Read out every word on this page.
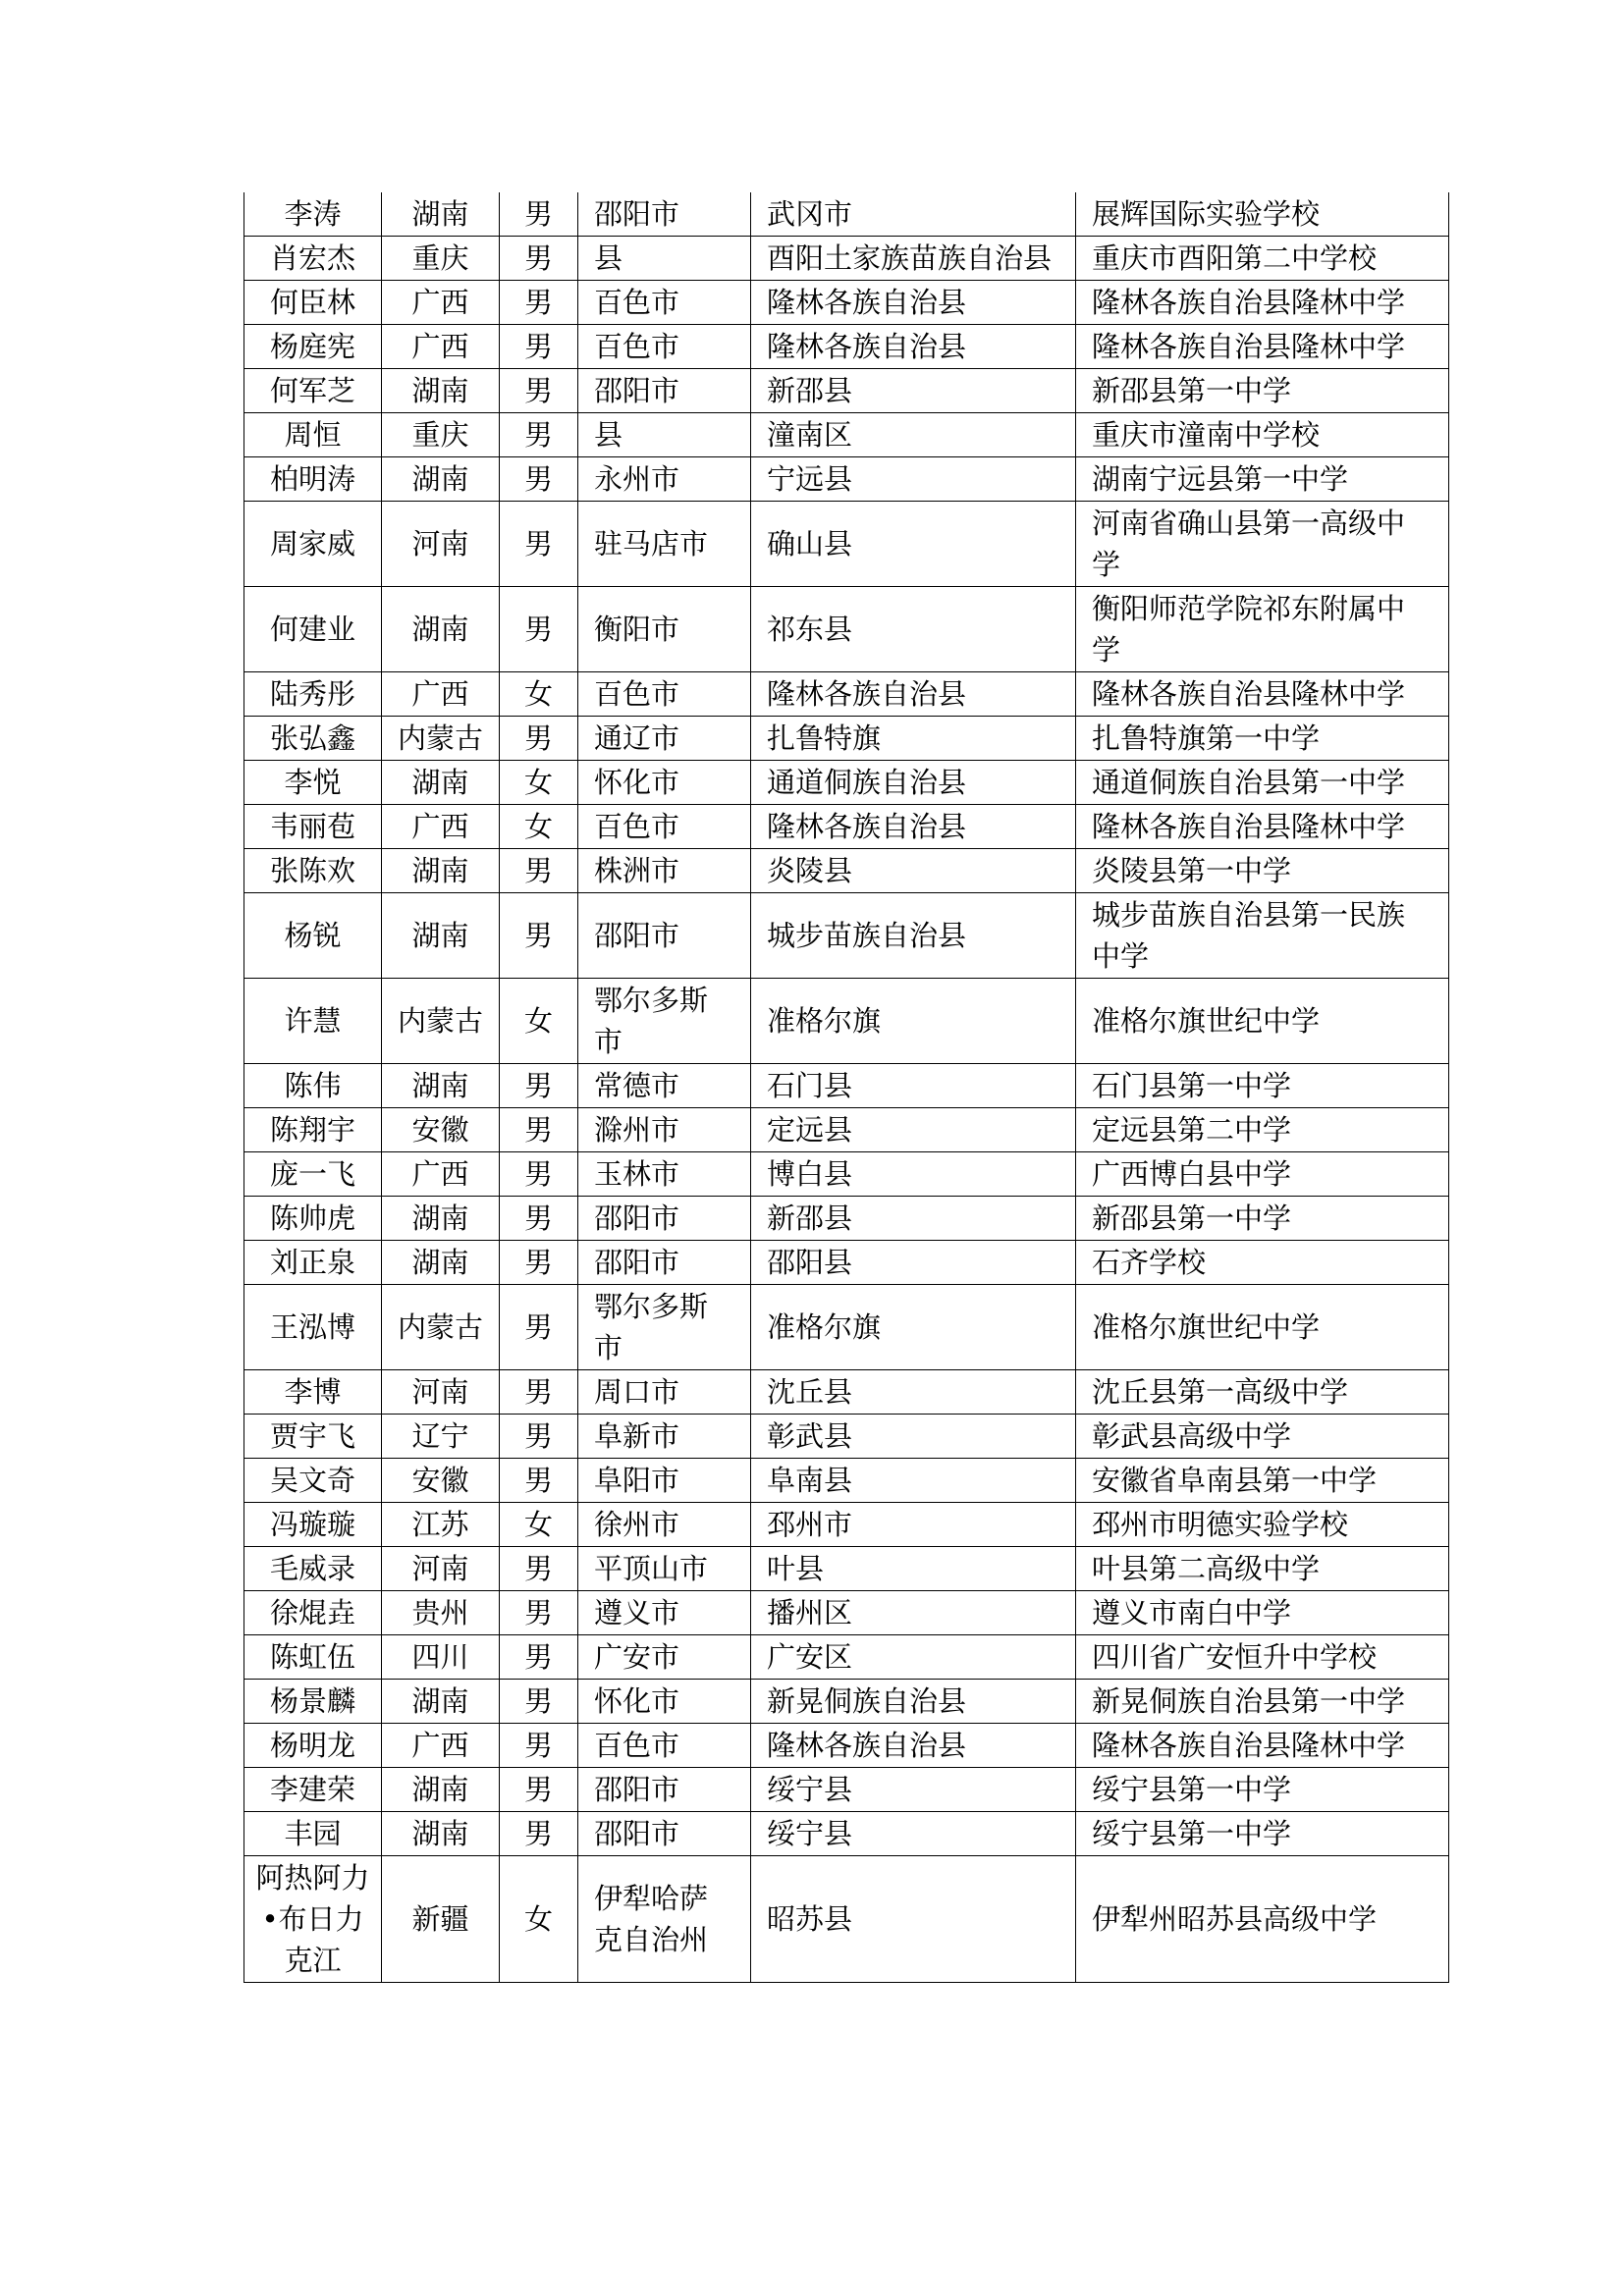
李涛	湖南	男	邵阳市	武冈市	展辉国际实验学校
肖宏杰	重庆	男	县	酉阳土家族苗族自治县	重庆市酉阳第二中学校
何臣林	广西	男	百色市	隆林各族自治县	隆林各族自治县隆林中学
杨庭宪	广西	男	百色市	隆林各族自治县	隆林各族自治县隆林中学
何军芝	湖南	男	邵阳市	新邵县	新邵县第一中学
周恒	重庆	男	县	潼南区	重庆市潼南中学校
柏明涛	湖南	男	永州市	宁远县	湖南宁远县第一中学
周家威	河南	男	驻马店市	确山县	河南省确山县第一高级中学
何建业	湖南	男	衡阳市	祁东县	衡阳师范学院祁东附属中学
陆秀彤	广西	女	百色市	隆林各族自治县	隆林各族自治县隆林中学
张弘鑫	内蒙古	男	通辽市	扎鲁特旗	扎鲁特旗第一中学
李悦	湖南	女	怀化市	通道侗族自治县	通道侗族自治县第一中学
韦丽苞	广西	女	百色市	隆林各族自治县	隆林各族自治县隆林中学
张陈欢	湖南	男	株洲市	炎陵县	炎陵县第一中学
杨锐	湖南	男	邵阳市	城步苗族自治县	城步苗族自治县第一民族中学
许慧	内蒙古	女	鄂尔多斯市	准格尔旗	准格尔旗世纪中学
陈伟	湖南	男	常德市	石门县	石门县第一中学
陈翔宇	安徽	男	滁州市	定远县	定远县第二中学
庞一飞	广西	男	玉林市	博白县	广西博白县中学
陈帅虎	湖南	男	邵阳市	新邵县	新邵县第一中学
刘正泉	湖南	男	邵阳市	邵阳县	石齐学校
王泓博	内蒙古	男	鄂尔多斯市	准格尔旗	准格尔旗世纪中学
李博	河南	男	周口市	沈丘县	沈丘县第一高级中学
贾宇飞	辽宁	男	阜新市	彰武县	彰武县高级中学
吴文奇	安徽	男	阜阳市	阜南县	安徽省阜南县第一中学
冯璇璇	江苏	女	徐州市	邳州市	邳州市明德实验学校
毛威录	河南	男	平顶山市	叶县	叶县第二高级中学
徐焜垚	贵州	男	遵义市	播州区	遵义市南白中学
陈虹伍	四川	男	广安市	广安区	四川省广安恒升中学校
杨景麟	湖南	男	怀化市	新晃侗族自治县	新晃侗族自治县第一中学
杨明龙	广西	男	百色市	隆林各族自治县	隆林各族自治县隆林中学
李建荣	湖南	男	邵阳市	绥宁县	绥宁县第一中学
丰园	湖南	男	邵阳市	绥宁县	绥宁县第一中学
阿热阿力•布日力克江	新疆	女	伊犁哈萨克自治州	昭苏县	伊犁州昭苏县高级中学
